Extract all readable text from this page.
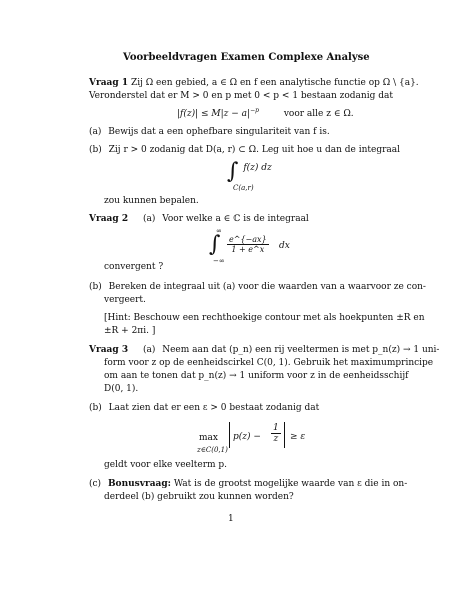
Voorbeeldvragen Examen Complexe Analyse
Vraag 1 Zij Ω een gebied, a ∈ Ω en f een analytische functie op Ω \ {a}.
Veronderstel dat er M > 0 en p met 0 < p < 1 bestaan zodanig dat
$|f(z)| \le M|z - a|^{-p}$	voor alle z ∈ Ω.
(a) Bewijs dat a een ophefbare singulariteit van f is.
(b) Zij r > 0 zodanig dat D(a, r) ⊂ Ω. Leg uit hoe u dan de integraal
∫ f(z) dz
C(a,r)
zou kunnen bepalen.
Vraag 2 (a) Voor welke a ∈ ℂ is de integraal
∞
∫
−∞
$\frac{e\^{}\{-ax\}}{1 + e\^{}x}$ dx
convergent ?
(b) Bereken de integraal uit (a) voor die waarden van a waarvoor ze con-
vergeert.
[Hint: Beschouw een rechthoekige contour met als hoekpunten ±R en
±R + 2πi. ]
Vraag 3 (a) Neem aan dat (p_n) een rij veeltermen is met p_n(z) → 1 uni-
form voor z op de eenheidscirkel C(0, 1). Gebruik het maximumprincipe
om aan te tonen dat p_n(z) → 1 uniform voor z in de eenheidsschijf
D(0, 1).
(b) Laat zien dat er een ε > 0 bestaat zodanig dat
max
z∈C(0,1)
$p(z) - \frac{1}{z} \ge \varepsilon$
geldt voor elke veelterm p.
(c) Bonusvraag: Wat is de grootst mogelijke waarde van ε die in on-
derdeel (b) gebruikt zou kunnen worden?
1
